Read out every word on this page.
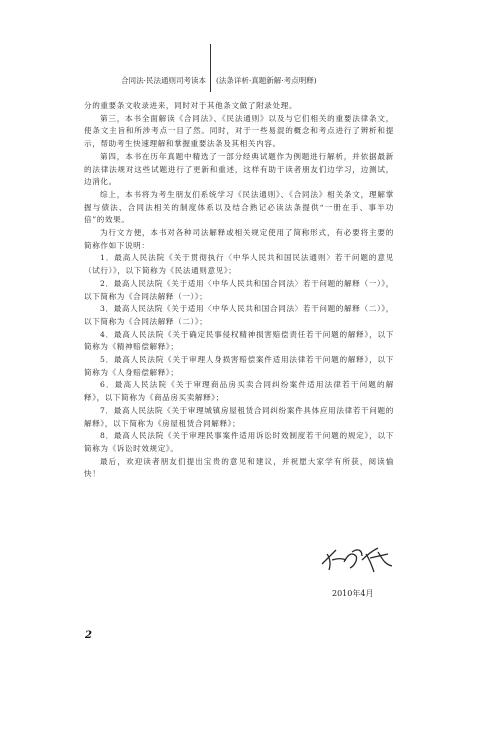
合同法·民法通则司考读本 (法条详析·真题新解·考点明释)

分的重要条文收录进来，同时对于其他条文做了附录处理。

第三，本书全面解读《合同法》、《民法通则》以及与它们相关的重要法律条文，使条文主旨和所涉考点一目了然。同时，对于一些易混的概念和考点进行了辨析和提示，帮助考生快速理解和掌握重要法条及其相关内容。

第四，本书在历年真题中精选了一部分经典试题作为例题进行解析，并依据最新的法律法规对这些试题进行了更新和重述，这样有助于读者朋友们边学习，边测试，边消化。

综上，本书将为考生朋友们系统学习《民法通则》、《合同法》相关条文，理解掌握与债法、合同法相关的制度体系以及结合熟记必读法条提供“一册在手、事半功倍”的效果。

为行文方便，本书对各种司法解释或相关规定使用了简称形式，有必要将主要的简称作如下说明：

1．最高人民法院《关于贯彻执行〈中华人民共和国民法通则〉若干问题的意见（试行）》，以下简称为《民法通则意见》；

2．最高人民法院《关于适用〈中华人民共和国合同法〉若干问题的解释（一）》，以下简称为《合同法解释（一）》；

3．最高人民法院《关于适用〈中华人民共和国合同法〉若干问题的解释（二）》，以下简称为《合同法解释（二）》；

4．最高人民法院《关于确定民事侵权精神损害赔偿责任若干问题的解释》，以下简称为《精神赔偿解释》；

5．最高人民法院《关于审理人身损害赔偿案件适用法律若干问题的解释》，以下简称为《人身赔偿解释》；

6．最高人民法院《关于审理商品房买卖合同纠纷案件适用法律若干问题的解释》，以下简称为《商品房买卖解释》；

7．最高人民法院《关于审理城镇房屋租赁合同纠纷案件具体应用法律若干问题的解释》，以下简称为《房屋租赁合同解释》；

8．最高人民法院《关于审理民事案件适用诉讼时效制度若干问题的规定》，以下简称为《诉讼时效规定》。

最后，欢迎读者朋友们提出宝贵的意见和建议，并祝愿大家学有所获，阅读愉快！

2010年4月
2
